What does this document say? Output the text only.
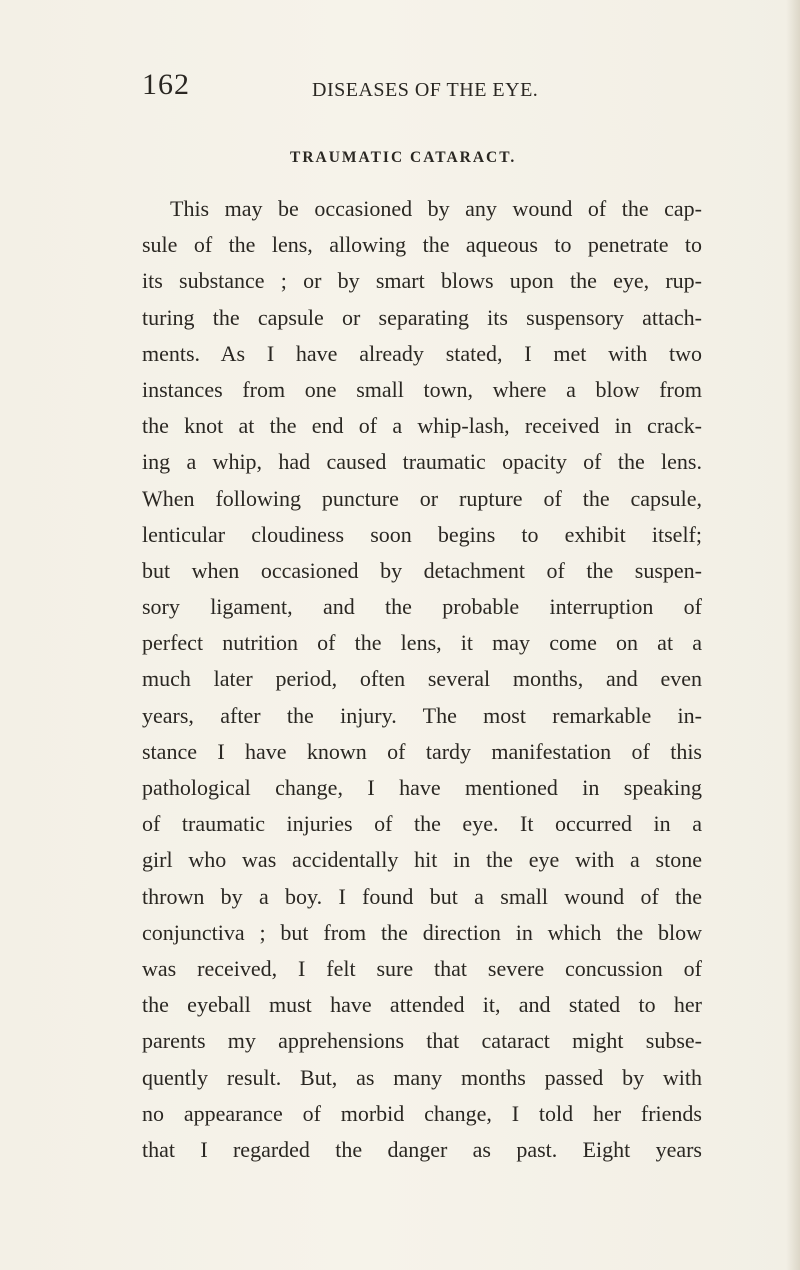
162	DISEASES OF THE EYE.
TRAUMATIC CATARACT.
This may be occasioned by any wound of the cap-
sule of the lens, allowing the aqueous to penetrate to
its substance ; or by smart blows upon the eye, rup-
turing the capsule or separating its suspensory attach-
ments. As I have already stated, I met with two
instances from one small town, where a blow from
the knot at the end of a whip-lash, received in crack-
ing a whip, had caused traumatic opacity of the lens.
When following puncture or rupture of the capsule,
lenticular cloudiness soon begins to exhibit itself;
but when occasioned by detachment of the suspen-
sory ligament, and the probable interruption of
perfect nutrition of the lens, it may come on at a
much later period, often several months, and even
years, after the injury. The most remarkable in-
stance I have known of tardy manifestation of this
pathological change, I have mentioned in speaking
of traumatic injuries of the eye. It occurred in a
girl who was accidentally hit in the eye with a stone
thrown by a boy. I found but a small wound of the
conjunctiva ; but from the direction in which the blow
was received, I felt sure that severe concussion of
the eyeball must have attended it, and stated to her
parents my apprehensions that cataract might subse-
quently result. But, as many months passed by with
no appearance of morbid change, I told her friends
that I regarded the danger as past. Eight years
